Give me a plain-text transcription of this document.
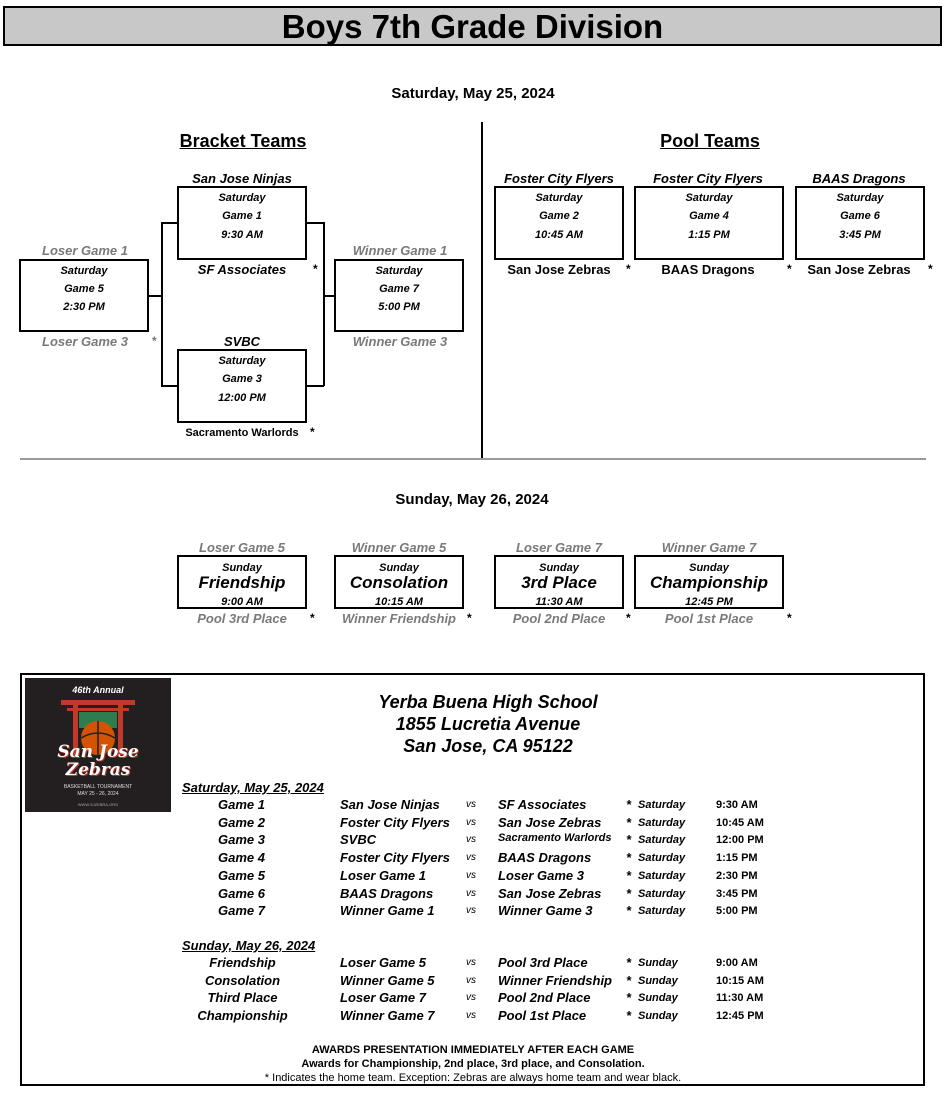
Boys 7th Grade Division
Saturday, May 25, 2024
Bracket Teams	Pool Teams
San Jose Ninjas
Saturday
Game 1
9:30 AM
SF Associates	*
SVBC
Saturday
Game 3
12:00 PM
Sacramento Warlords *
Loser Game 1
Saturday
Game 5
2:30 PM
Loser Game 3	*
Winner Game 1
Saturday
Game 7
5:00 PM
Winner Game 3
Foster City Flyers
Saturday
Game 2
10:45 AM
San Jose Zebras	*
Foster City Flyers
Saturday
Game 4
1:15 PM
BAAS Dragons	*
BAAS Dragons
Saturday
Game 6
3:45 PM
San Jose Zebras	*
Sunday, May 26, 2024
Loser Game 5
Sunday
Friendship
9:00 AM
Pool 3rd Place	*
Winner Game 5
Sunday
Consolation
10:15 AM
Winner Friendship *
Loser Game 7
Sunday
3rd Place
11:30 AM
Pool 2nd Place	*
Winner Game 7
Sunday
Championship
12:45 PM
Pool 1st Place	*
46th Annual
San Jose
Zebras
BASKETBALL TOURNAMENT
MAY 25 - 26, 2024
WWW.SJZEBRA.ORG
Yerba Buena High School
1855 Lucretia Avenue
San Jose, CA 95122
Saturday, May 25, 2024
Sunday, May 26, 2024
Game 1	San Jose Ninjas	vs	SF Associates	* Saturday	9:30 AM
Game 2	Foster City Flyers	vs	San Jose Zebras	* Saturday	10:45 AM
Game 3	SVBC	vs	Sacramento Warlords	* Saturday	12:00 PM
Game 4	Foster City Flyers	vs	BAAS Dragons	* Saturday	1:15 PM
Game 5	Loser Game 1	vs	Loser Game 3	* Saturday	2:30 PM
Game 6	BAAS Dragons	vs	San Jose Zebras	* Saturday	3:45 PM
Game 7	Winner Game 1	vs	Winner Game 3	* Saturday	5:00 PM
Friendship	Loser Game 5	vs	Pool 3rd Place	* Sunday	9:00 AM
Consolation	Winner Game 5	vs	Winner Friendship	* Sunday	10:15 AM
Third Place	Loser Game 7	vs	Pool 2nd Place	* Sunday	11:30 AM
Championship	Winner Game 7	vs	Pool 1st Place	* Sunday	12:45 PM
AWARDS PRESENTATION IMMEDIATELY AFTER EACH GAME
Awards for Championship, 2nd place, 3rd place, and Consolation.
* Indicates the home team. Exception: Zebras are always home team and wear black.
